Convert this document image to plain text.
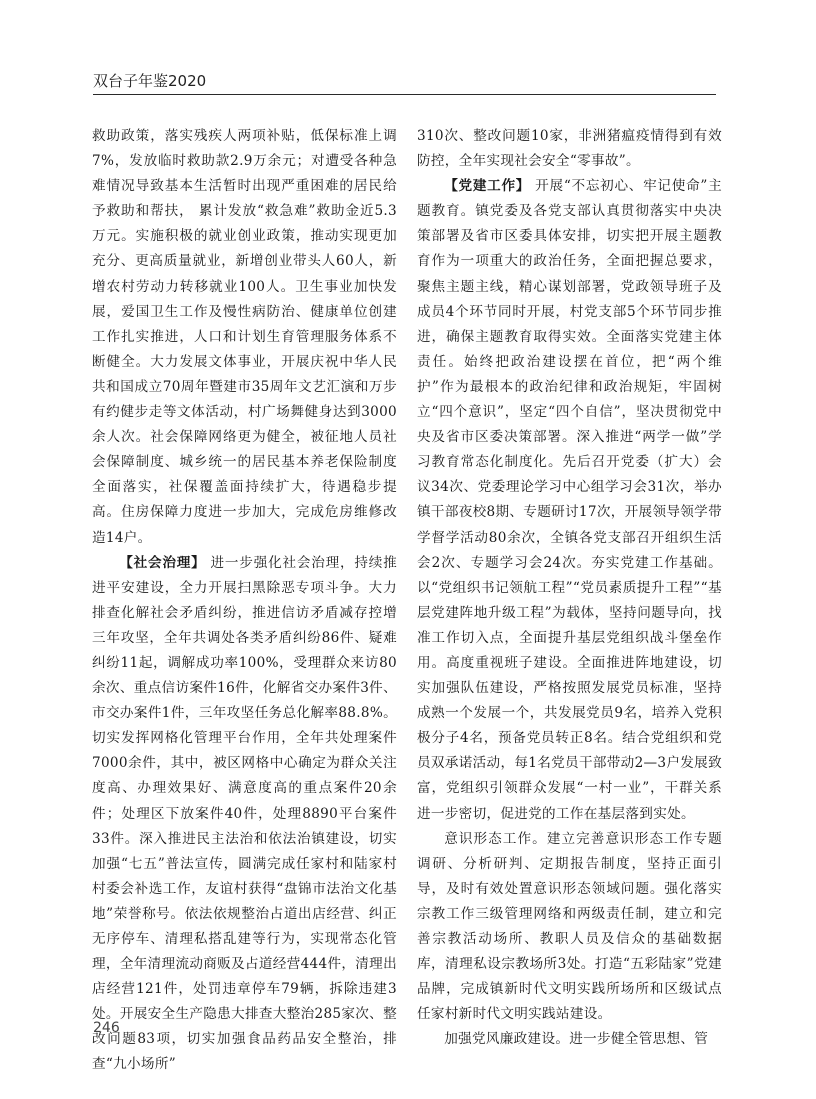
双台子年鉴2020

救助政策，落实残疾人两项补贴，低保标准上调7%，发放临时救助款2.9万余元；对遭受各种急难情况导致基本生活暂时出现严重困难的居民给予救助和帮扶， 累计发放“救急难”救助金近5.3万元。实施积极的就业创业政策，推动实现更加充分、更高质量就业，新增创业带头人60人，新增农村劳动力转移就业100人。卫生事业加快发展，爱国卫生工作及慢性病防治、健康单位创建工作扎实推进，人口和计划生育管理服务体系不断健全。大力发展文体事业，开展庆祝中华人民共和国成立70周年暨建市35周年文艺汇演和万步有约健步走等文体活动，村广场舞健身达到3000余人次。社会保障网络更为健全，被征地人员社会保障制度、城乡统一的居民基本养老保险制度全面落实，社保覆盖面持续扩大，待遇稳步提高。住房保障力度进一步加大，完成危房维修改造14户。

【社会治理】 进一步强化社会治理，持续推进平安建设，全力开展扫黑除恶专项斗争。大力排查化解社会矛盾纠纷，推进信访矛盾减存控增三年攻坚，全年共调处各类矛盾纠纷86件、疑难纠纷11起，调解成功率100%，受理群众来访80余次、重点信访案件16件，化解省交办案件3件、市交办案件1件，三年攻坚任务总化解率88.8%。切实发挥网格化管理平台作用，全年共处理案件7000余件，其中，被区网格中心确定为群众关注度高、办理效果好、满意度高的重点案件20余件；处理区下放案件40件，处理8890平台案件33件。深入推进民主法治和依法治镇建设，切实加强“七五”普法宣传，圆满完成任家村和陆家村村委会补选工作，友谊村获得“盘锦市法治文化基地”荣誉称号。依法依规整治占道出店经营、纠正无序停车、清理私搭乱建等行为，实现常态化管理，全年清理流动商贩及占道经营444件，清理出店经营121件，处罚违章停车79辆，拆除违建3处。开展安全生产隐患大排查大整治285家次、整改问题83项，切实加强食品药品安全整治，排查“九小场所”

310次、整改问题10家，非洲猪瘟疫情得到有效防控，全年实现社会安全“零事故”。

【党建工作】 开展“不忘初心、牢记使命”主题教育。镇党委及各党支部认真贯彻落实中央决策部署及省市区委具体安排，切实把开展主题教育作为一项重大的政治任务，全面把握总要求，聚焦主题主线，精心谋划部署，党政领导班子及成员4个环节同时开展，村党支部5个环节同步推进，确保主题教育取得实效。全面落实党建主体责任。始终把政治建设摆在首位，把“两个维护”作为最根本的政治纪律和政治规矩，牢固树立“四个意识”，坚定“四个自信”，坚决贯彻党中央及省市区委决策部署。深入推进“两学一做”学习教育常态化制度化。先后召开党委（扩大）会议34次、党委理论学习中心组学习会31次，举办镇干部夜校8期、专题研讨17次，开展领导领学带学督学活动80余次，全镇各党支部召开组织生活会2次、专题学习会24次。夯实党建工作基础。以“党组织书记领航工程”“党员素质提升工程”“基层党建阵地升级工程”为载体，坚持问题导向，找准工作切入点，全面提升基层党组织战斗堡垒作用。高度重视班子建设。全面推进阵地建设，切实加强队伍建设，严格按照发展党员标准，坚持成熟一个发展一个，共发展党员9名，培养入党积极分子4名，预备党员转正8名。结合党组织和党员双承诺活动，每1名党员干部带动2—3户发展致富，党组织引领群众发展“一村一业”，干群关系进一步密切，促进党的工作在基层落到实处。

意识形态工作。建立完善意识形态工作专题调研、分析研判、定期报告制度，坚持正面引导，及时有效处置意识形态领域问题。强化落实宗教工作三级管理网络和两级责任制，建立和完善宗教活动场所、教职人员及信众的基础数据库，清理私设宗教场所3处。打造“五彩陆家”党建品牌，完成镇新时代文明实践所场所和区级试点任家村新时代文明实践站建设。

加强党风廉政建设。进一步健全管思想、管

246
